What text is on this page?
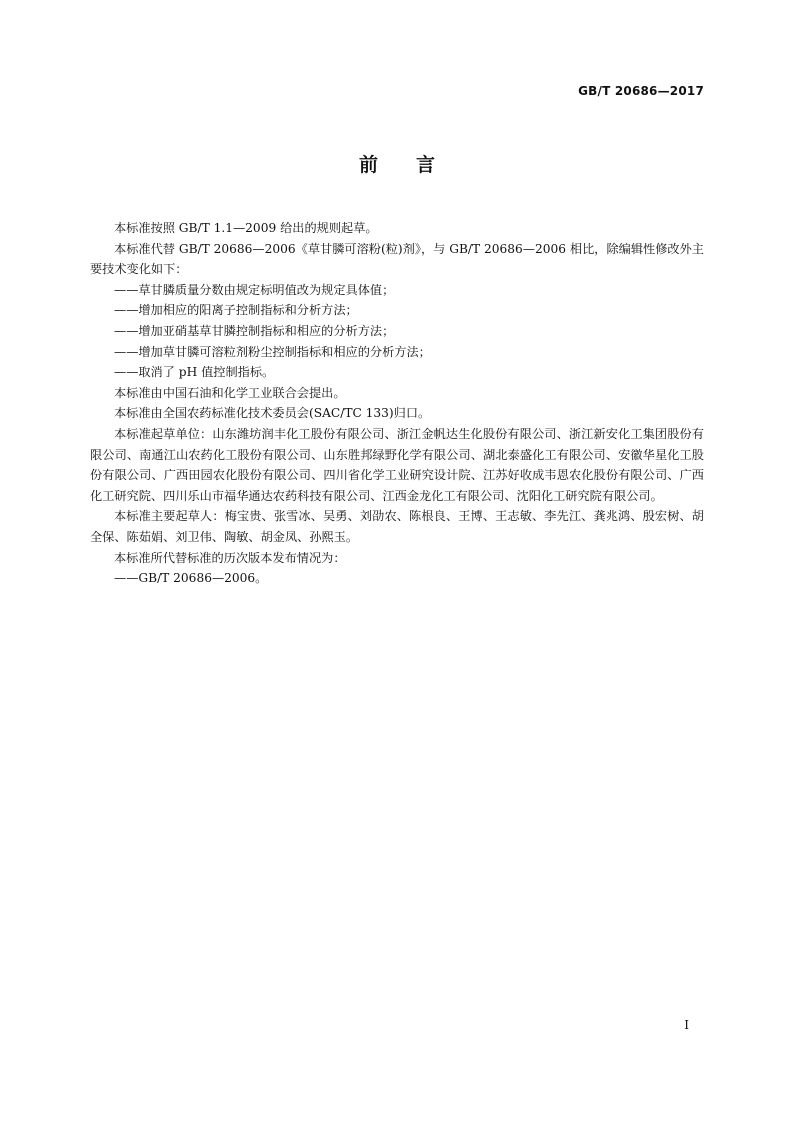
GB/T 20686—2017
前言

本标准按照 GB/T 1.1—2009 给出的规则起草。

本标准代替 GB/T 20686—2006《草甘膦可溶粉(粒)剂》，与 GB/T 20686—2006 相比，除编辑性修改外主要技术变化如下：

——草甘膦质量分数由规定标明值改为规定具体值；

——增加相应的阳离子控制指标和分析方法；

——增加亚硝基草甘膦控制指标和相应的分析方法；

——增加草甘膦可溶粒剂粉尘控制指标和相应的分析方法；

——取消了 pH 值控制指标。

本标准由中国石油和化学工业联合会提出。

本标准由全国农药标准化技术委员会(SAC/TC 133)归口。

本标准起草单位：山东潍坊润丰化工股份有限公司、浙江金帆达生化股份有限公司、浙江新安化工集团股份有限公司、南通江山农药化工股份有限公司、山东胜邦绿野化学有限公司、湖北泰盛化工有限公司、安徽华星化工股份有限公司、广西田园农化股份有限公司、四川省化学工业研究设计院、江苏好收成韦恩农化股份有限公司、广西化工研究院、四川乐山市福华通达农药科技有限公司、江西金龙化工有限公司、沈阳化工研究院有限公司。

本标准主要起草人：梅宝贵、张雪冰、吴勇、刘劭农、陈根良、王博、王志敏、李先江、龚兆鸿、殷宏树、胡全保、陈茹娟、刘卫伟、陶敏、胡金凤、孙熙玉。

本标准所代替标准的历次版本发布情况为：

——GB/T 20686—2006。

I
